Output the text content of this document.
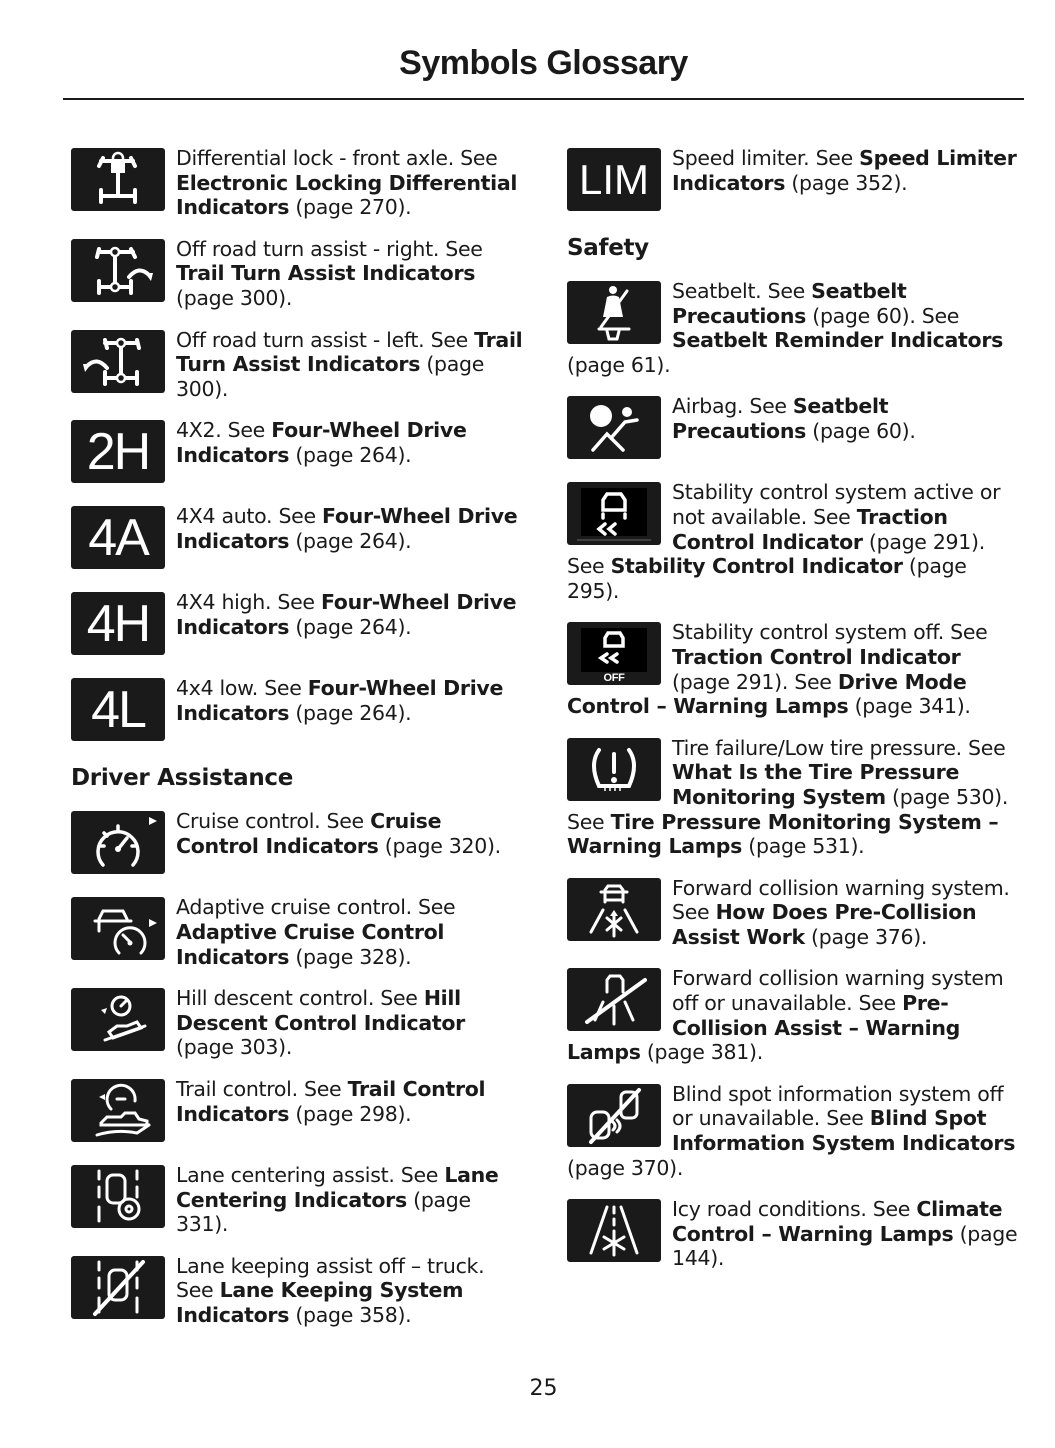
Symbols Glossary
Differential lock - front axle. See Electronic Locking Differential Indicators (page 270).
Off road turn assist - right. See Trail Turn Assist Indicators (page 300).
Off road turn assist - left. See Trail Turn Assist Indicators (page 300).
2H 4X2. See Four-Wheel Drive Indicators (page 264).
4A 4X4 auto. See Four-Wheel Drive Indicators (page 264).
4H 4X4 high. See Four-Wheel Drive Indicators (page 264).
4L 4x4 low. See Four-Wheel Drive Indicators (page 264).
Driver Assistance
Cruise control. See Cruise Control Indicators (page 320).
Adaptive cruise control. See Adaptive Cruise Control Indicators (page 328).
Hill descent control. See Hill Descent Control Indicator (page 303).
Trail control. See Trail Control Indicators (page 298).
Lane centering assist. See Lane Centering Indicators (page 331).
Lane keeping assist off – truck. See Lane Keeping System Indicators (page 358).
LIM Speed limiter. See Speed Limiter Indicators (page 352).
Safety
Seatbelt. See Seatbelt Precautions (page 60). See Seatbelt Reminder Indicators (page 61).
Airbag. See Seatbelt Precautions (page 60).
Stability control system active or not available. See Traction Control Indicator (page 291). See Stability Control Indicator (page 295).
OFF
Stability control system off. See Traction Control Indicator (page 291). See Drive Mode Control – Warning Lamps (page 341).
Tire failure/Low tire pressure. See What Is the Tire Pressure Monitoring System (page 530). See Tire Pressure Monitoring System – Warning Lamps (page 531).
Forward collision warning system. See How Does Pre-Collision Assist Work (page 376).
Forward collision warning system off or unavailable. See Pre-Collision Assist – Warning Lamps (page 381).
Blind spot information system off or unavailable. See Blind Spot Information System Indicators (page 370).
Icy road conditions. See Climate Control – Warning Lamps (page 144).
25
